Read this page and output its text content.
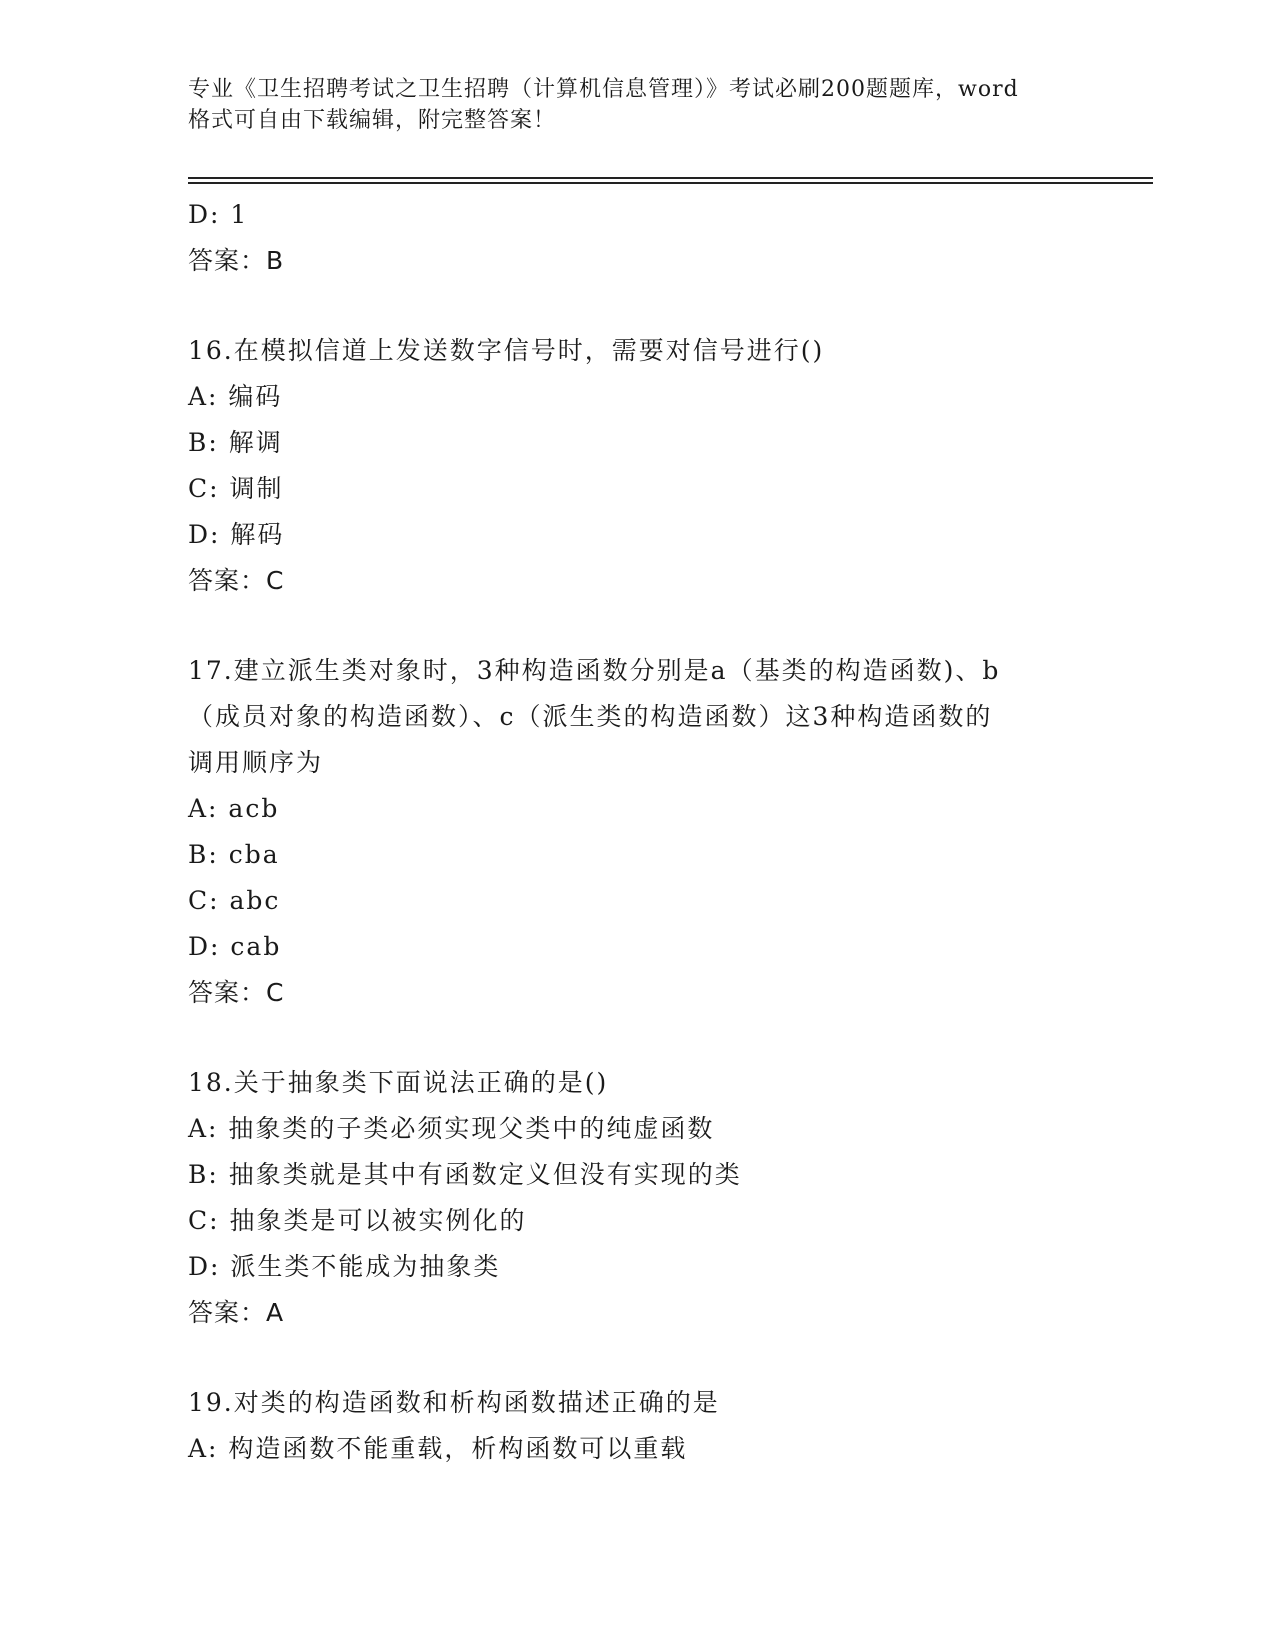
专业《卫生招聘考试之卫生招聘（计算机信息管理）》考试必刷200题题库，word
格式可自由下载编辑，附完整答案！
D: 1
答案：B
16.在模拟信道上发送数字信号时，需要对信号进行()
A: 编码
B: 解调
C: 调制
D: 解码
答案：C
17.建立派生类对象时，3种构造函数分别是a（基类的构造函数)、b
（成员对象的构造函数）、c（派生类的构造函数）这3种构造函数的
调用顺序为
A: acb
B: cba
C: abc
D: cab
答案：C
18.关于抽象类下面说法正确的是()
A: 抽象类的子类必须实现父类中的纯虚函数
B: 抽象类就是其中有函数定义但没有实现的类
C: 抽象类是可以被实例化的
D: 派生类不能成为抽象类
答案：A
19.对类的构造函数和析构函数描述正确的是
A: 构造函数不能重载，析构函数可以重载
